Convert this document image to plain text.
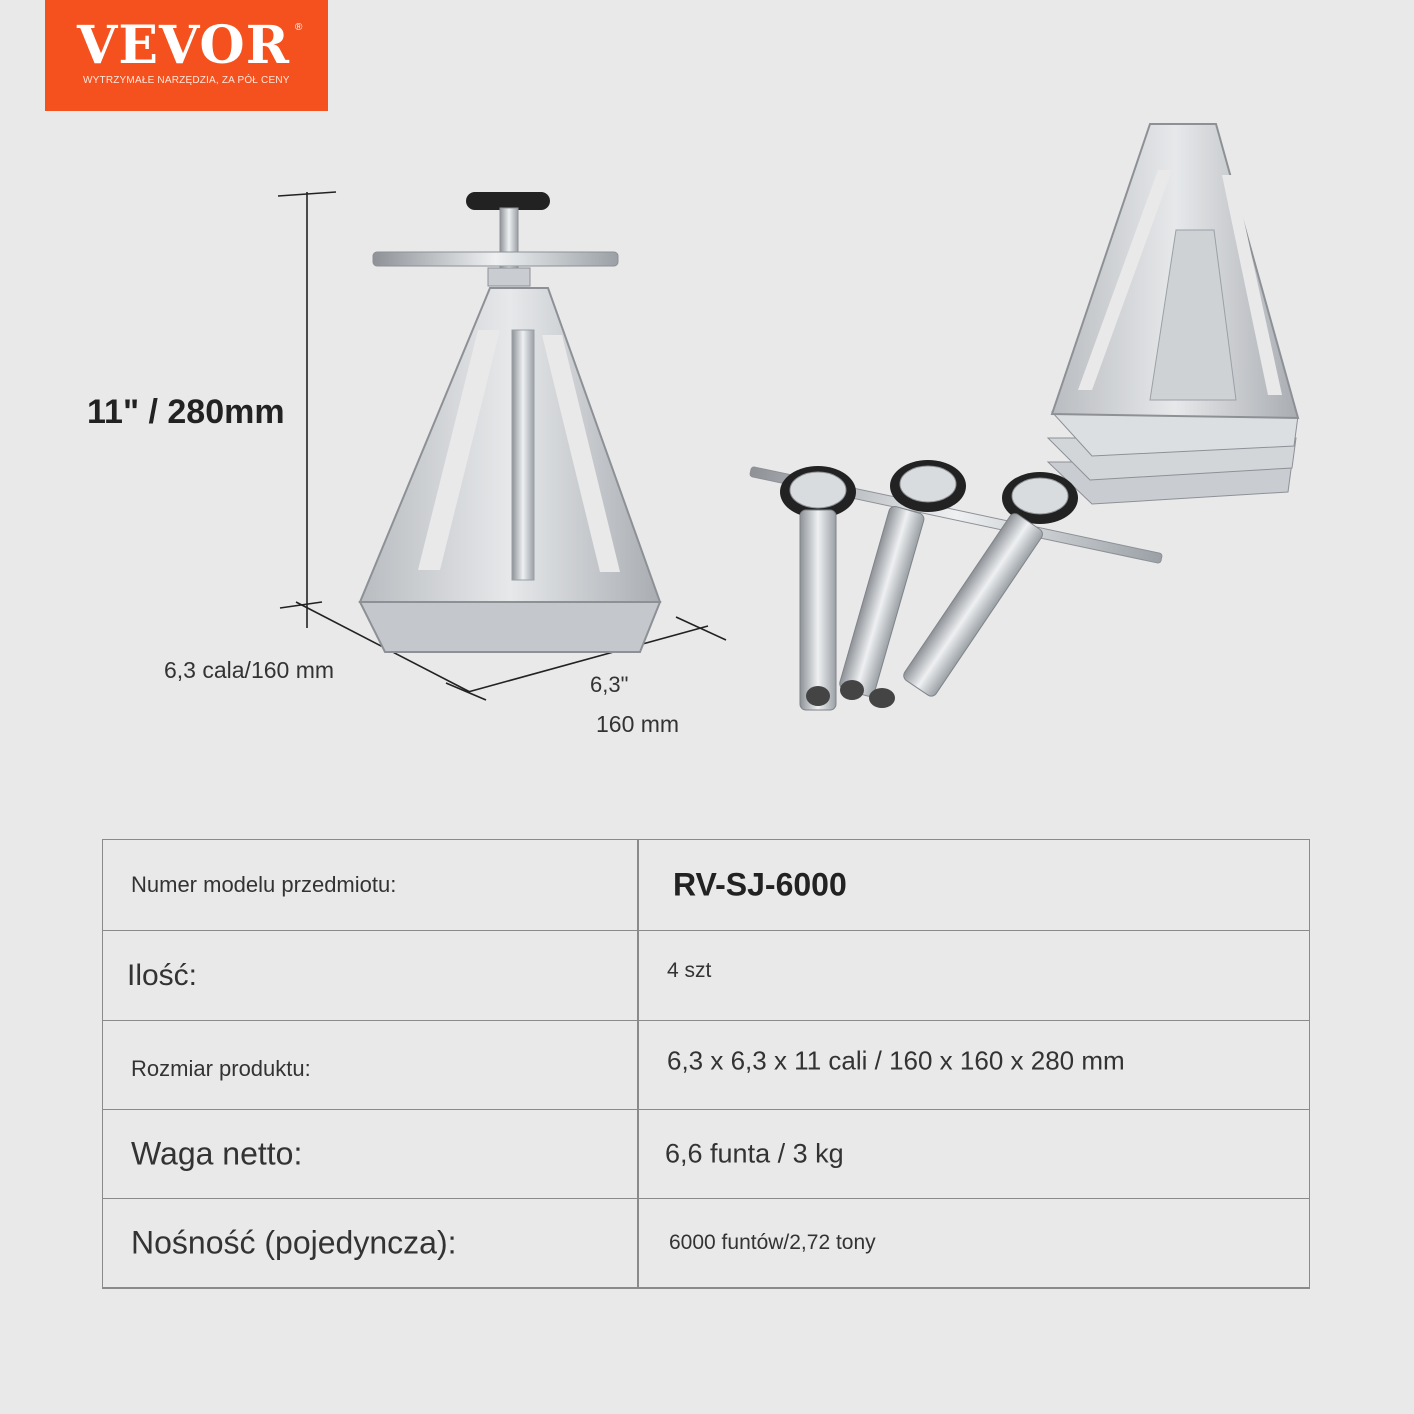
VEVOR ®
WYTRZYMAŁE NARZĘDZIA, ZA PÓŁ CENY
11" / 280mm
6,3 cala/160 mm
6,3"
160 mm
Numer modelu przedmiotu:	RV-SJ-6000
Ilość:	4 szt
Rozmiar produktu:	6,3 x 6,3 x 11 cali / 160 x 160 x 280 mm
Waga netto:	6,6 funta / 3 kg
Nośność (pojedyncza):	6000 funtów/2,72 tony
